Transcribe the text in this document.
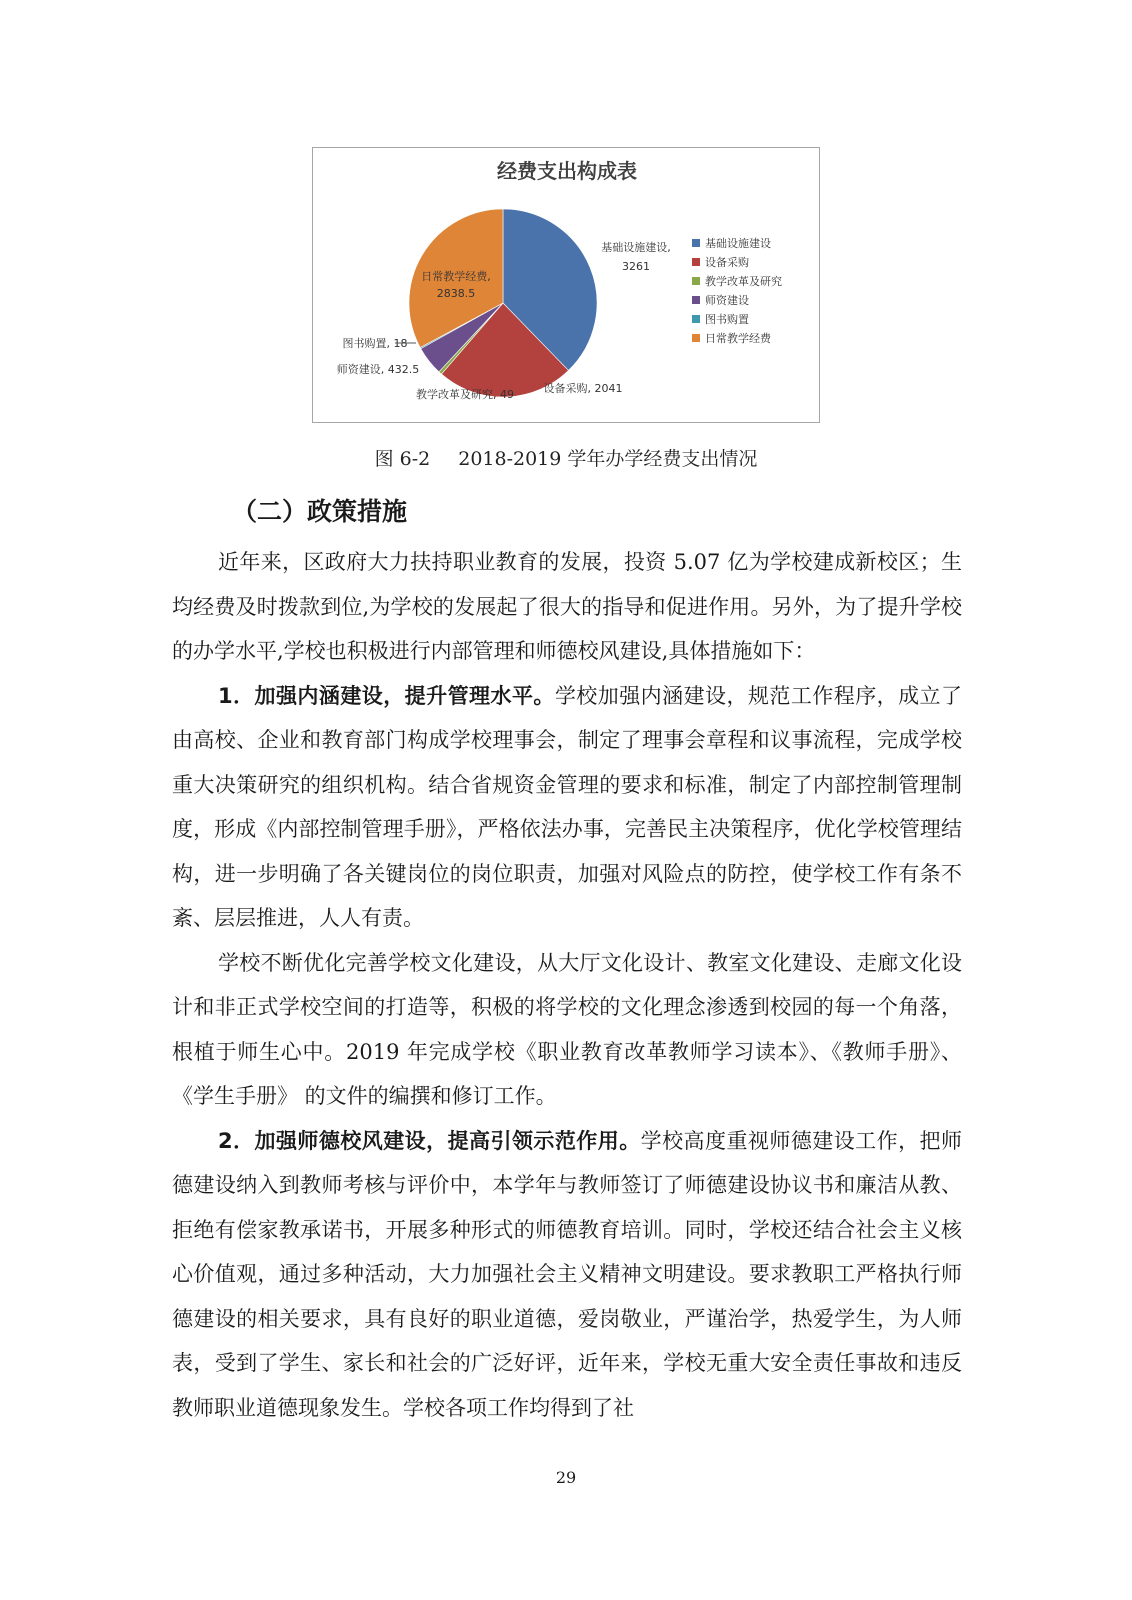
经费支出构成表
基础设施建设,
3261
设备采购, 2041
教学改革及研究, 49
师资建设, 432.5
图书购置, 18
日常教学经费,
2838.5
基础设施建设
设备采购
教学改革及研究
师资建设
图书购置
日常教学经费
图 6-2 2018-2019 学年办学经费支出情况
（二）政策措施

近年来，区政府大力扶持职业教育的发展，投资 5.07 亿为学校建成新校区；生均经费及时拨款到位,为学校的发展起了很大的指导和促进作用。另外，为了提升学校的办学水平,学校也积极进行内部管理和师德校风建设,具体措施如下：

1．加强内涵建设，提升管理水平。学校加强内涵建设，规范工作程序，成立了由高校、企业和教育部门构成学校理事会，制定了理事会章程和议事流程，完成学校重大决策研究的组织机构。结合省规资金管理的要求和标准，制定了内部控制管理制度，形成《内部控制管理手册》，严格依法办事，完善民主决策程序，优化学校管理结构，进一步明确了各关键岗位的岗位职责，加强对风险点的防控，使学校工作有条不紊、层层推进，人人有责。

学校不断优化完善学校文化建设，从大厅文化设计、教室文化建设、走廊文化设计和非正式学校空间的打造等，积极的将学校的文化理念渗透到校园的每一个角落，根植于师生心中。2019 年完成学校《职业教育改革教师学习读本》、《教师手册》、《学生手册》 的文件的编撰和修订工作。

2．加强师德校风建设，提高引领示范作用。学校高度重视师德建设工作，把师德建设纳入到教师考核与评价中，本学年与教师签订了师德建设协议书和廉洁从教、拒绝有偿家教承诺书，开展多种形式的师德教育培训。同时，学校还结合社会主义核心价值观，通过多种活动，大力加强社会主义精神文明建设。要求教职工严格执行师德建设的相关要求，具有良好的职业道德，爱岗敬业，严谨治学，热爱学生，为人师表，受到了学生、家长和社会的广泛好评，近年来，学校无重大安全责任事故和违反教师职业道德现象发生。学校各项工作均得到了社

29
